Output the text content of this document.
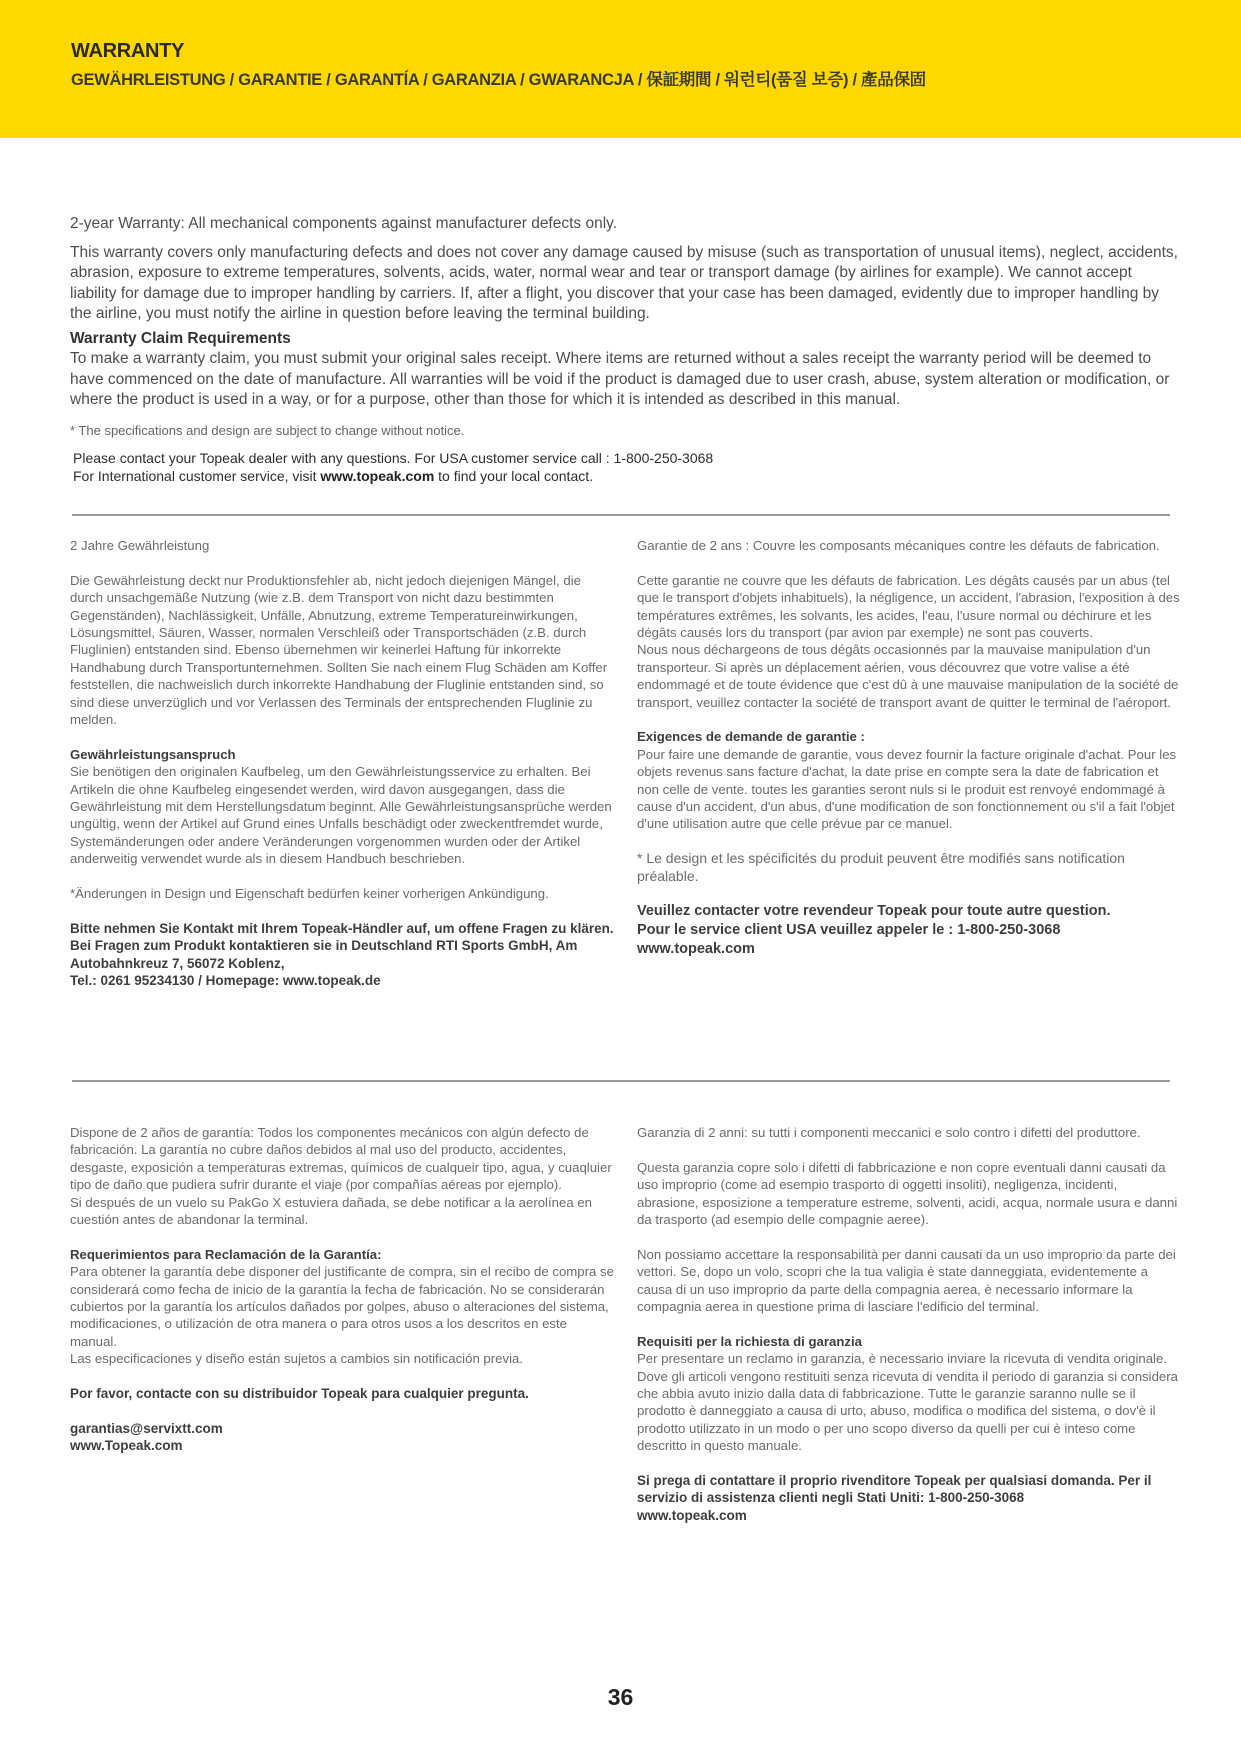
WARRANTY
GEWÄHRLEISTUNG / GARANTIE / GARANTÍA / GARANZIA / GWARANCJA / 保証期間 / 워런티(품질 보증) / 產品保固

2-year Warranty: All mechanical components against manufacturer defects only.

This warranty covers only manufacturing defects and does not cover any damage caused by misuse (such as transportation of unusual items), neglect, accidents, abrasion, exposure to extreme temperatures, solvents, acids, water, normal wear and tear or transport damage (by airlines for example). We cannot accept liability for damage due to improper handling by carriers. If, after a flight, you discover that your case has been damaged, evidently due to improper handling by the airline, you must notify the airline in question before leaving the terminal building.

Warranty Claim Requirements

To make a warranty claim, you must submit your original sales receipt. Where items are returned without a sales receipt the warranty period will be deemed to have commenced on the date of manufacture. All warranties will be void if the product is damaged due to user crash, abuse, system alteration or modification, or where the product is used in a way, or for a purpose, other than those for which it is intended as described in this manual.

* The specifications and design are subject to change without notice.

Please contact your Topeak dealer with any questions. For USA customer service call : 1-800-250-3068
For International customer service, visit www.topeak.com to find your local contact.

2 Jahre Gewährleistung

Die Gewährleistung deckt nur Produktionsfehler ab, nicht jedoch diejenigen Mängel, die durch unsachgemäße Nutzung (wie z.B. dem Transport von nicht dazu bestimmten Gegenständen), Nachlässigkeit, Unfälle, Abnutzung, extreme Temperatureinwirkungen, Lösungsmittel, Säuren, Wasser, normalen Verschleiß oder Transportschäden (z.B. durch Fluglinien) entstanden sind. Ebenso übernehmen wir keinerlei Haftung für inkorrekte Handhabung durch Transportunternehmen. Sollten Sie nach einem Flug Schäden am Koffer feststellen, die nachweislich durch inkorrekte Handhabung der Fluglinie entstanden sind, so sind diese unverzüglich und vor Verlassen des Terminals der entsprechenden Fluglinie zu melden.

Gewährleistungsanspruch

Sie benötigen den originalen Kaufbeleg, um den Gewährleistungsservice zu erhalten. Bei Artikeln die ohne Kaufbeleg eingesendet werden, wird davon ausgegangen, dass die Gewährleistung mit dem Herstellungsdatum beginnt. Alle Gewährleistungsansprüche werden ungültig, wenn der Artikel auf Grund eines Unfalls beschädigt oder zweckentfremdet wurde, Systemänderungen oder andere Veränderungen vorgenommen wurden oder der Artikel anderweitig verwendet wurde als in diesem Handbuch beschrieben.

*Änderungen in Design und Eigenschaft bedürfen keiner vorherigen Ankündigung.

Bitte nehmen Sie Kontakt mit Ihrem Topeak-Händler auf, um offene Fragen zu klären. Bei Fragen zum Produkt kontaktieren sie in Deutschland RTI Sports GmbH, Am Autobahnkreuz 7, 56072 Koblenz,
Tel.: 0261 95234130 / Homepage: www.topeak.de

Garantie de 2 ans : Couvre les composants mécaniques contre les défauts de fabrication.

Cette garantie ne couvre que les défauts de fabrication. Les dégâts causés par un abus (tel que le transport d'objets inhabituels), la négligence, un accident, l'abrasion, l'exposition à des températures extrêmes, les solvants, les acides, l'eau, l'usure normal ou déchirure et les dégâts causés lors du transport (par avion par exemple) ne sont pas couverts.

Nous nous déchargeons de tous dégâts occasionnés par la mauvaise manipulation d'un transporteur. Si après un déplacement aérien, vous découvrez que votre valise a été endommagé et de toute évidence que c'est dû à une mauvaise manipulation de la société de transport, veuillez contacter la société de transport avant de quitter le terminal de l'aéroport.

Exigences de demande de garantie :

Pour faire une demande de garantie, vous devez fournir la facture originale d'achat. Pour les objets revenus sans facture d'achat, la date prise en compte sera la date de fabrication et non celle de vente. toutes les garanties seront nuls si le produit est renvoyé endommagé à cause d'un accident, d'un abus, d'une modification de son fonctionnement ou s'il a fait l'objet d'une utilisation autre que celle prévue par ce manuel.

* Le design et les spécificités du produit peuvent être modifiés sans notification préalable.

Veuillez contacter votre revendeur Topeak pour toute autre question.
Pour le service client USA veuillez appeler le : 1-800-250-3068
www.topeak.com

Dispone de 2 años de garantía: Todos los componentes mecánicos con algún defecto de fabricación. La garantía no cubre daños debidos al mal uso del producto, accidentes, desgaste, exposición a temperaturas extremas, químicos de cualqueir tipo, agua, y cuaqluier tipo de daño que pudiera sufrir durante el viaje (por compañías aéreas por ejemplo).

Si después de un vuelo su PakGo X estuviera dañada, se debe notificar a la aerolínea en cuestión antes de abandonar la terminal.

Requerimientos para Reclamación de la Garantía:

Para obtener la garantía debe disponer del justificante de compra, sin el recibo de compra se considerará como fecha de inicio de la garantía la fecha de fabricación. No se considerarán cubiertos por la garantía los artículos dañados por golpes, abuso o alteraciones del sistema, modificaciones, o utilización de otra manera o para otros usos a los descritos en este manual.

Las especificaciones y diseño están sujetos a cambios sin notificación previa.

Por favor, contacte con su distribuidor Topeak para cualquier pregunta.

garantias@servixtt.com
www.Topeak.com

Garanzia di 2 anni: su tutti i componenti meccanici e solo contro i difetti del produttore.

Questa garanzia copre solo i difetti di fabbricazione e non copre eventuali danni causati da uso improprio (come ad esempio trasporto di oggetti insoliti), negligenza, incidenti, abrasione, esposizione a temperature estreme, solventi, acidi, acqua, normale usura e danni da trasporto (ad esempio delle compagnie aeree).

Non possiamo accettare la responsabilità per danni causati da un uso improprio da parte dei vettori. Se, dopo un volo, scopri che la tua valigia è state danneggiata, evidentemente a causa di un uso improprio da parte della compagnia aerea, è necessario informare la compagnia aerea in questione prima di lasciare l'edificio del terminal.

Requisiti per la richiesta di garanzia

Per presentare un reclamo in garanzia, è necessario inviare la ricevuta di vendita originale. Dove gli articoli vengono restituiti senza ricevuta di vendita il periodo di garanzia si considera che abbia avuto inizio dalla data di fabbricazione. Tutte le garanzie saranno nulle se il prodotto è danneggiato a causa di urto, abuso, modifica o modifica del sistema, o dov'è il prodotto utilizzato in un modo o per uno scopo diverso da quelli per cui è inteso come descritto in questo manuale.

Si prega di contattare il proprio rivenditore Topeak per qualsiasi domanda. Per il servizio di assistenza clienti negli Stati Uniti: 1-800-250-3068
www.topeak.com
36
